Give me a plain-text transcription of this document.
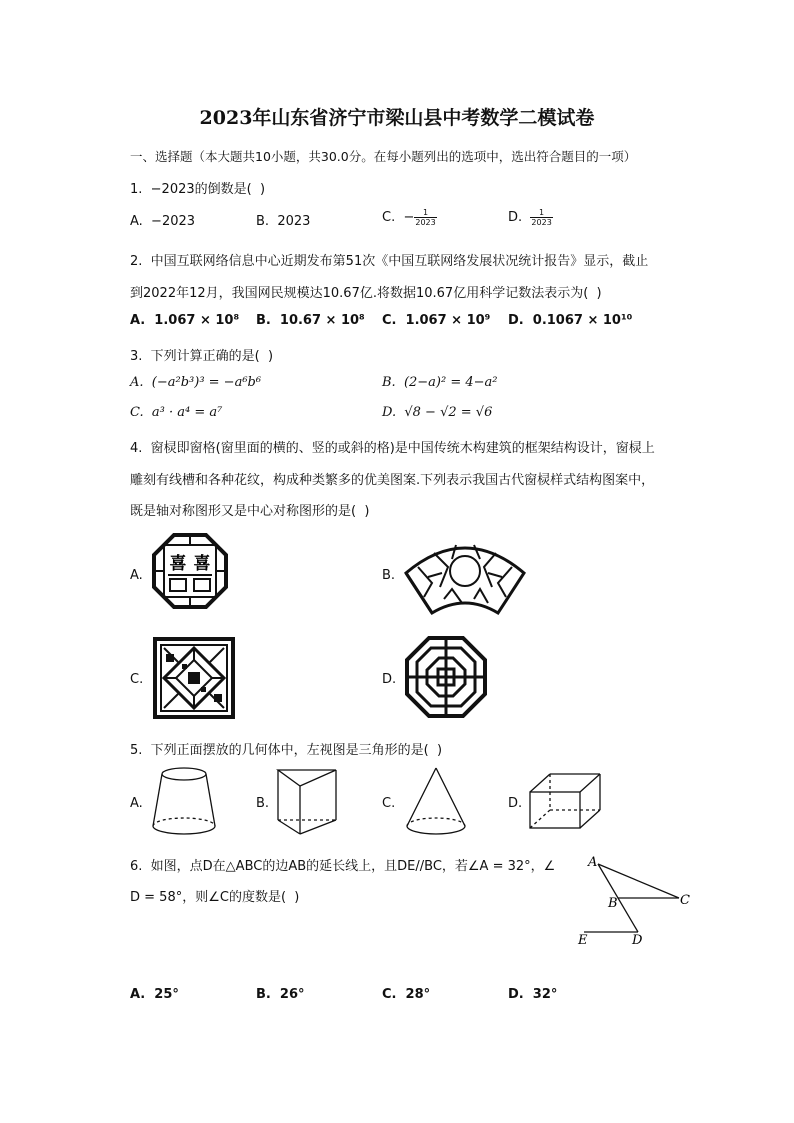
2023年山东省济宁市梁山县中考数学二模试卷
一、选择题（本大题共10小题，共30.0分。在每小题列出的选项中，选出符合题目的一项）
1.  −2023的倒数是(  )
A.  −2023	B.  2023	C.  − $\frac{1}{2023}$	D. $\frac{1}{2023}$
2.  中国互联网络信息中心近期发布第51次《中国互联网络发展状况统计报告》显示，截止
到2022年12月，我国网民规模达10.67亿.将数据10.67亿用科学记数法表示为(  )
A.  1.067 × 10⁸ B.  10.67 × 10⁸ C.  1.067 × 10⁹ D.  0.1067 × 10¹⁰
3.  下列计算正确的是(  )
A.  (−a²b³)³ = −a⁶b⁶	B.  (2−a)² = 4−a²
C.  a³ · a⁴ = a⁷	D.  √8 − √2 = √6
4.  窗棂即窗格(窗里面的横的、竖的或斜的格)是中国传统木构建筑的框架结构设计，窗棂上
雕刻有线槽和各种花纹，构成种类繁多的优美图案.下列表示我国古代窗棂样式结构图案中，
既是轴对称图形又是中心对称图形的是(  )
A.
喜 喜
B.
C.	D.
5.  下列正面摆放的几何体中，左视图是三角形的是(  )
A.	B.	C.	D.
6.  如图，点D在△ABC的边AB的延长线上，且DE//BC，若∠A = 32°，∠
D = 58°，则∠C的度数是(  )
A
B	C
D
E
A.  25°	B.  26°	C.  28°	D.  32°
